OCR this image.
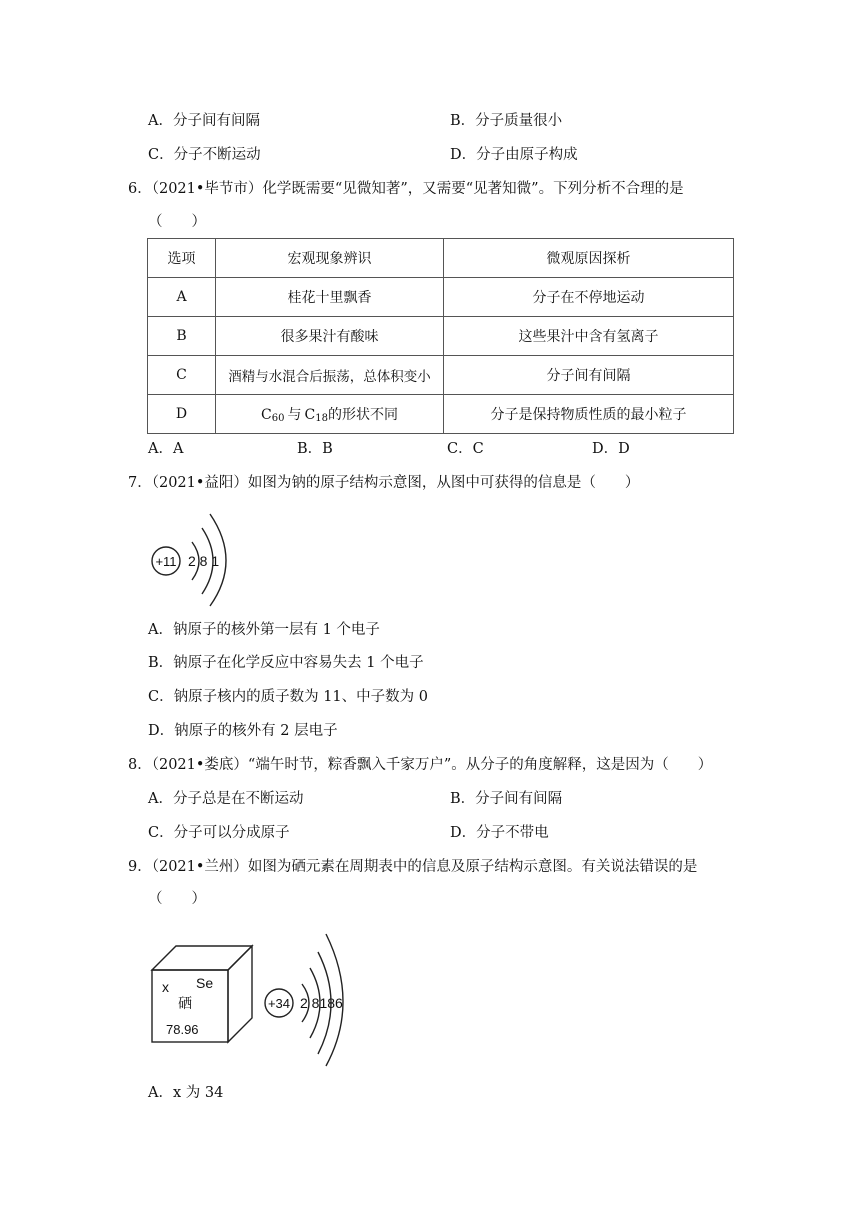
A．分子间有间隔	B．分子质量很小
C．分子不断运动	D．分子由原子构成
6．（2021•毕节市）化学既需要“见微知著”，又需要“见著知微”。下列分析不合理的是
（　　）
选项	宏观现象辨识	微观原因探析
A	桂花十里飘香	分子在不停地运动
B	很多果汁有酸味	这些果汁中含有氢离子
C	酒精与水混合后振荡，总体积变小	分子间有间隔
D	$C_{60}$ 与 $C_{18}$的形状不同	分子是保持物质性质的最小粒子
A．A	B．B	C．C	D．D
7．（2021•益阳）如图为钠的原子结构示意图，从图中可获得的信息是（　　）
+11 2 8 1
A．钠原子的核外第一层有 1 个电子
B．钠原子在化学反应中容易失去 1 个电子
C．钠原子核内的质子数为 11、中子数为 0
D．钠原子的核外有 2 层电子
8．（2021•娄底）“端午时节，粽香飘入千家万户”。从分子的角度解释，这是因为（　　）
A．分子总是在不断运动	B．分子间有间隔
C．分子可以分成原子	D．分子不带电
9．（2021•兰州）如图为硒元素在周期表中的信息及原子结构示意图。有关说法错误的是
（　　）
x Se
硒
78.96
+34 2 8186
A．x 为 34
